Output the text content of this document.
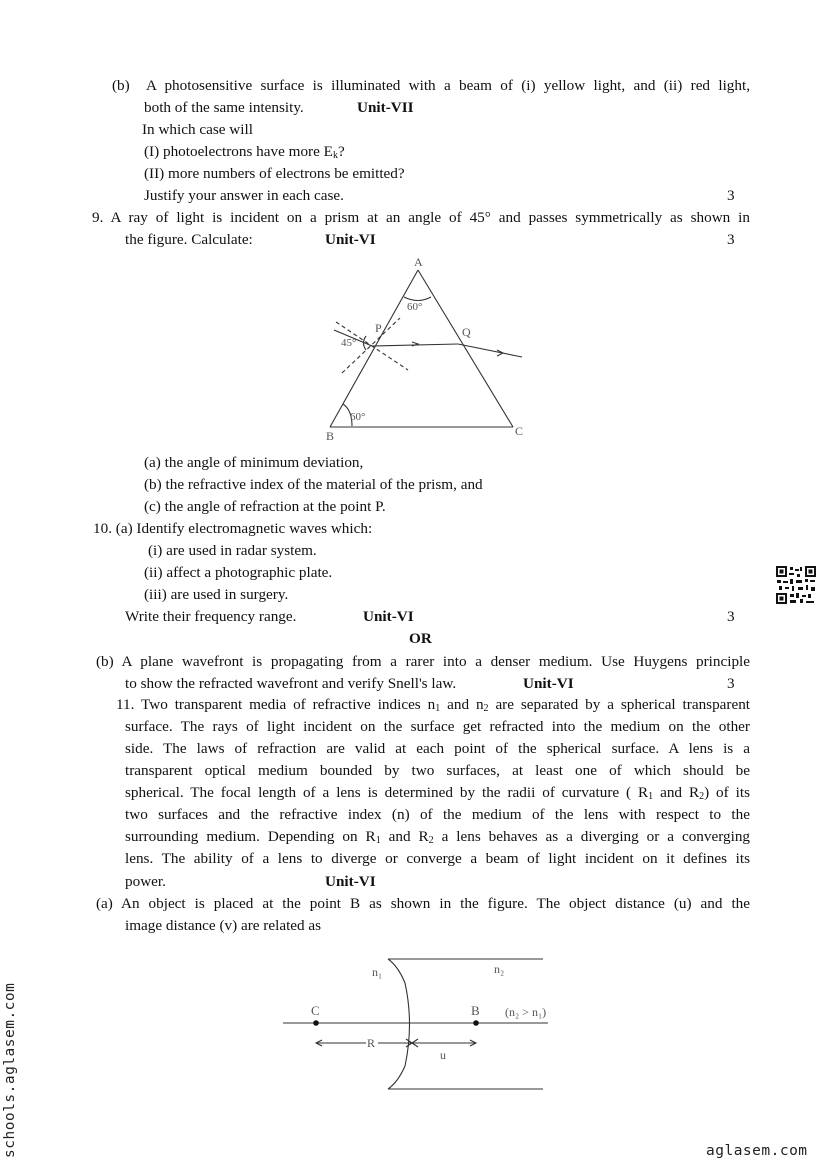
(b) A photosensitive surface is illuminated with a beam of (i) yellow light, and (ii) red light,
both of the same intensity.	Unit-VII
In which case will
(I) photoelectrons have more $E_k$?
(II) more numbers of electrons be emitted?
Justify your answer in each case.	3
9. A ray of light is incident on a prism at an angle of 45° and passes symmetrically as shown in
the figure. Calculate:	Unit-VI	3
A
60°
P	Q
45°
60°
B	C
(a) the angle of minimum deviation,
(b) the refractive index of the material of the prism, and
(c) the angle of refraction at the point P.
10. (a) Identify electromagnetic waves which:
(i) are used in radar system.
(ii) affect a photographic plate.
(iii) are used in surgery.
Write their frequency range.	Unit-VI	3
OR
(b) A plane wavefront is propagating from a rarer into a denser medium. Use Huygens principle
to show the refracted wavefront and verify Snell's law.	Unit-VI	3
11. Two transparent media of refractive indices $n_1$ and $n_2$ are separated by a spherical transparent
surface. The rays of light incident on the surface get refracted into the medium on the other
side. The laws of refraction are valid at each point of the spherical surface. A lens is a
transparent optical medium bounded by two surfaces, at least one of which should be
spherical. The focal length of a lens is determined by the radii of curvature ( $R_1$ and $R_2$) of its
two surfaces and the refractive index (n) of the medium of the lens with respect to the
surrounding medium. Depending on $R_1$ and $R_2$ a lens behaves as a diverging or a converging
lens. The ability of a lens to diverge or converge a beam of light incident on it defines its
power.	Unit-VI
(a) An object is placed at the point B as shown in the figure. The object distance (u) and the
image distance (v) are related as
n₁	n₂
C	B (n₂ > n₁)
R
u
schools.aglasem.com	aglasem.com
